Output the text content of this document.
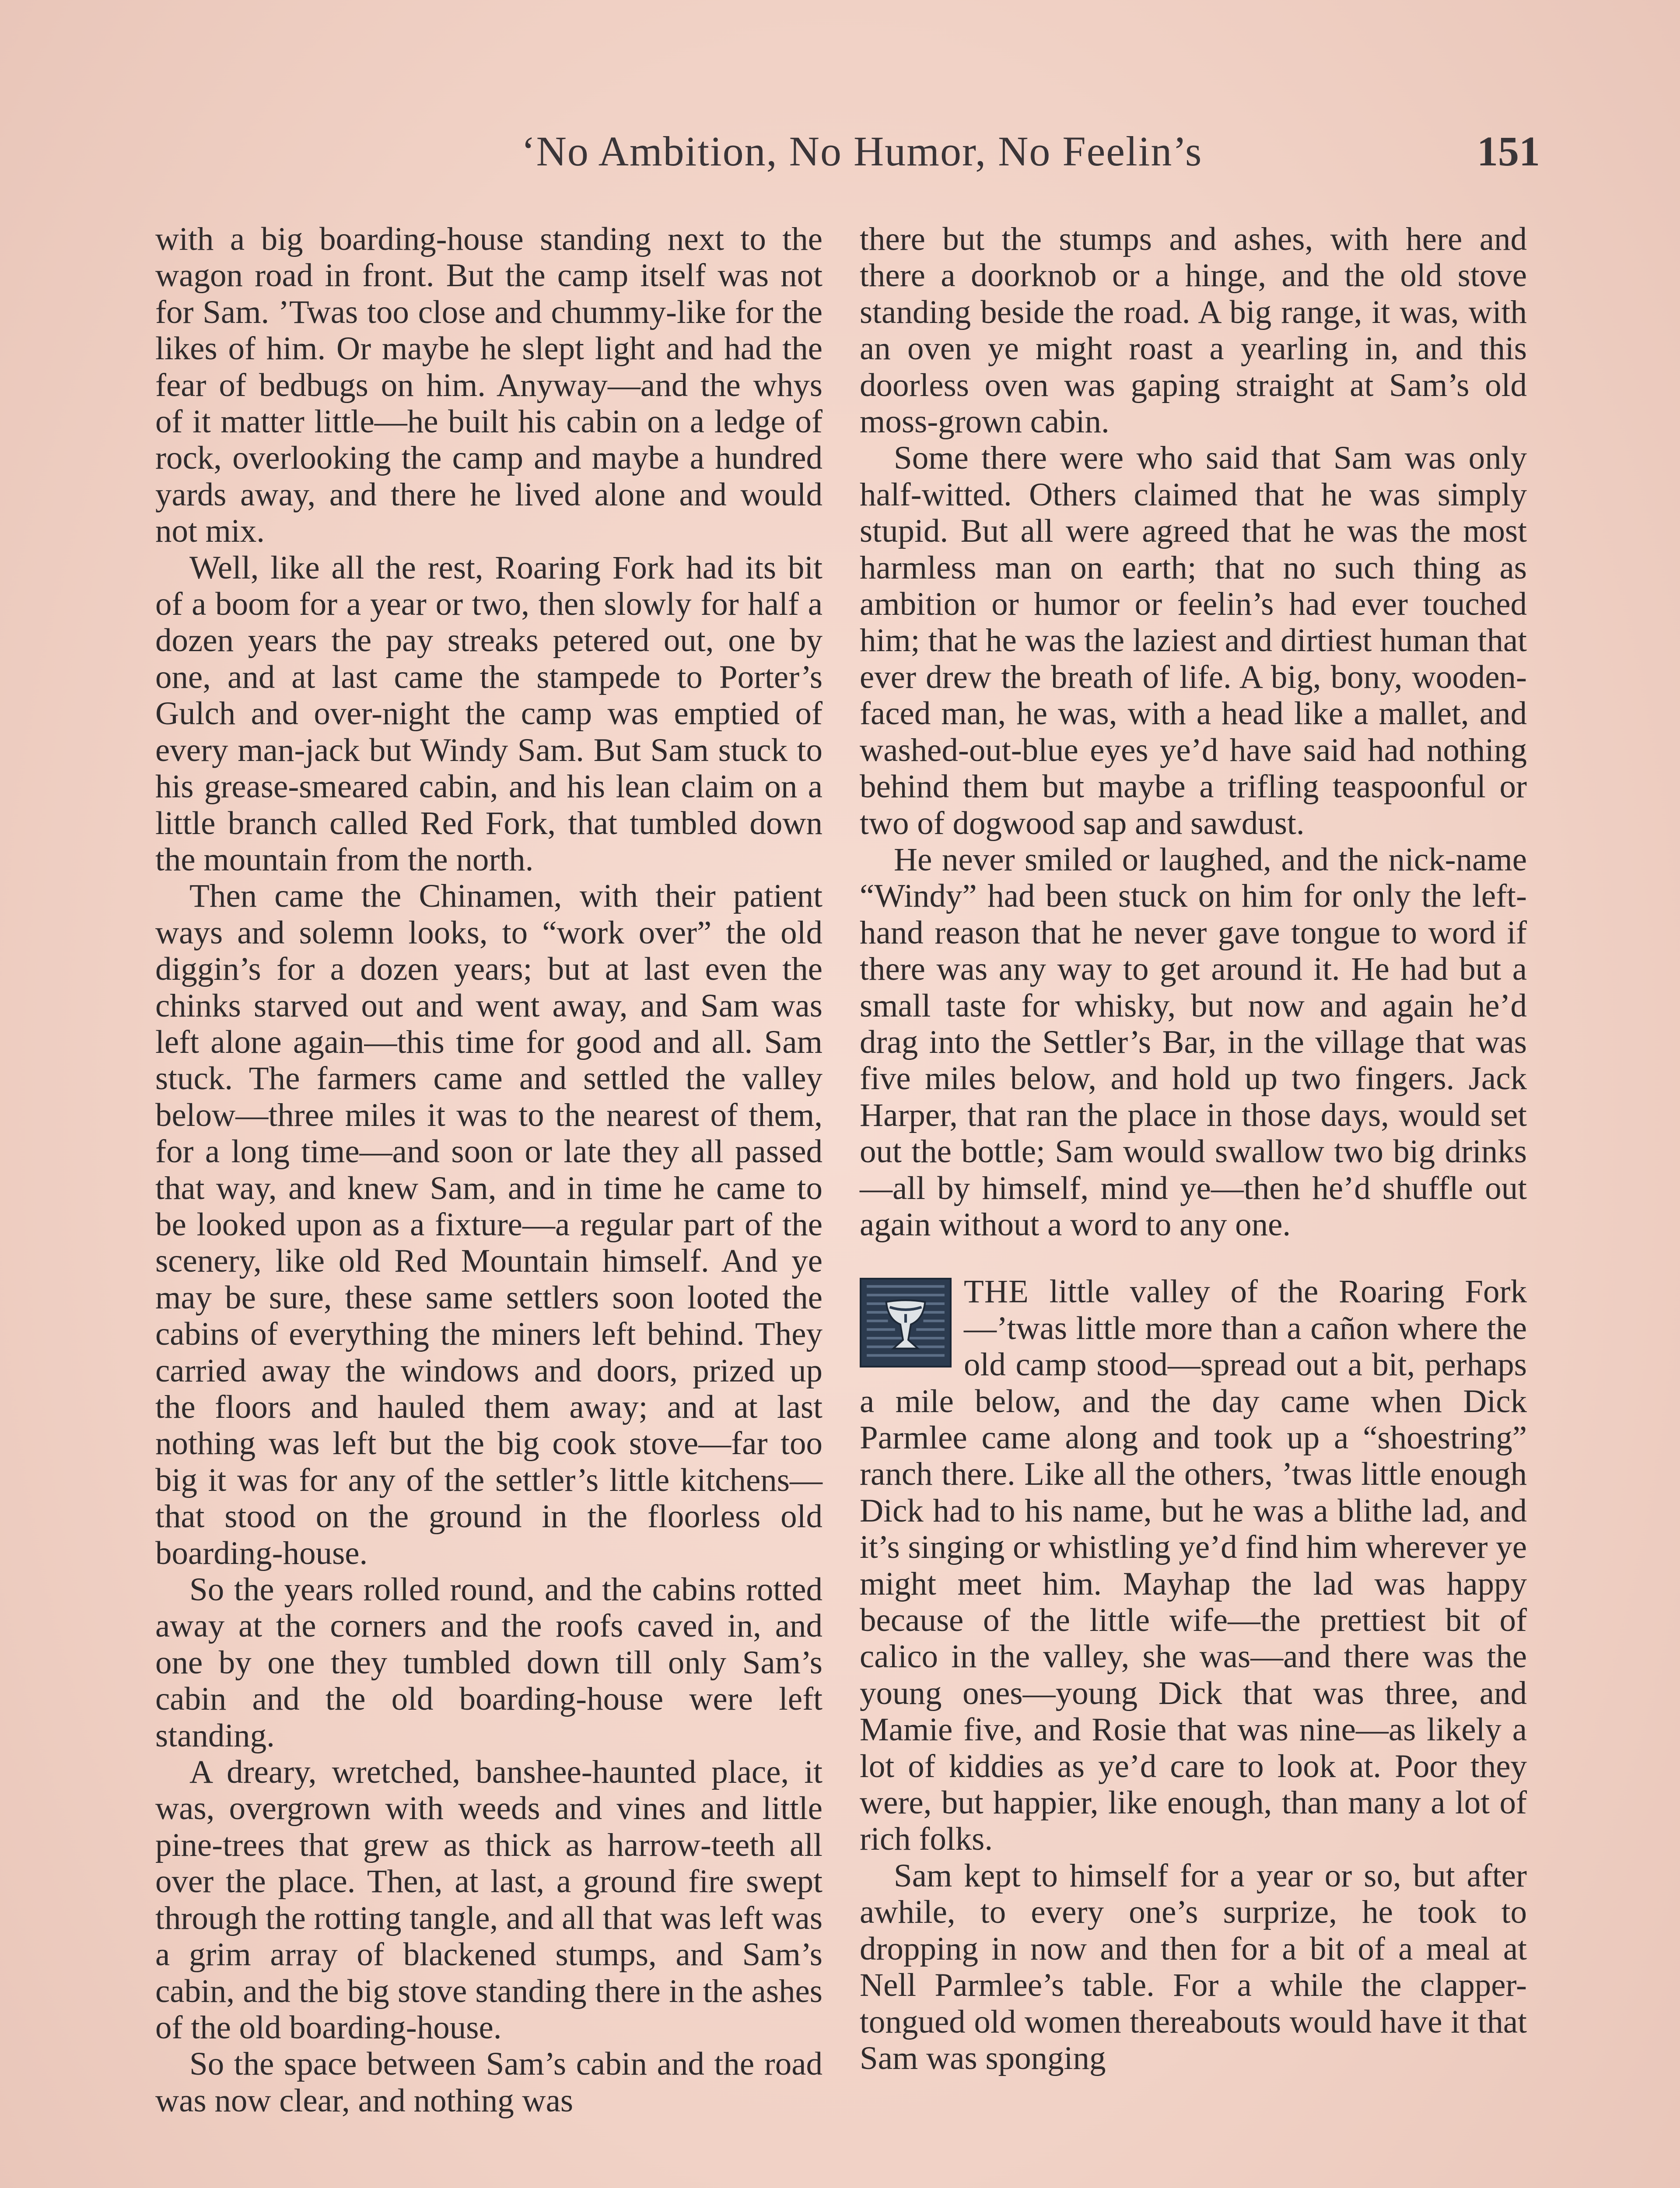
‘No Ambition, No Humor, No Feelin’s	151

with a big boarding-house standing next to the wagon road in front. But the camp itself was not for Sam. ’Twas too close and chummy-like for the likes of him. Or maybe he slept light and had the fear of bedbugs on him. Anyway—and the whys of it matter little—he built his cabin on a ledge of rock, overlooking the camp and maybe a hundred yards away, and there he lived alone and would not mix.

Well, like all the rest, Roaring Fork had its bit of a boom for a year or two, then slowly for half a dozen years the pay streaks petered out, one by one, and at last came the stampede to Porter’s Gulch and over-night the camp was emptied of every man-jack but Windy Sam. But Sam stuck to his grease-smeared cabin, and his lean claim on a little branch called Red Fork, that tumbled down the mountain from the north.

Then came the Chinamen, with their patient ways and solemn looks, to “work over” the old diggin’s for a dozen years; but at last even the chinks starved out and went away, and Sam was left alone again—this time for good and all. Sam stuck. The farmers came and settled the valley below—three miles it was to the nearest of them, for a long time—and soon or late they all passed that way, and knew Sam, and in time he came to be looked upon as a fixture—a regular part of the scenery, like old Red Mountain himself. And ye may be sure, these same settlers soon looted the cabins of everything the miners left behind. They carried away the windows and doors, prized up the floors and hauled them away; and at last nothing was left but the big cook stove—far too big it was for any of the settler’s little kitchens—that stood on the ground in the floorless old boarding-house.

So the years rolled round, and the cabins rotted away at the corners and the roofs caved in, and one by one they tumbled down till only Sam’s cabin and the old boarding-house were left standing.

A dreary, wretched, banshee-haunted place, it was, overgrown with weeds and vines and little pine-trees that grew as thick as harrow-teeth all over the place. Then, at last, a ground fire swept through the rotting tangle, and all that was left was a grim array of blackened stumps, and Sam’s cabin, and the big stove standing there in the ashes of the old boarding-house.

So the space between Sam’s cabin and the road was now clear, and nothing was

there but the stumps and ashes, with here and there a doorknob or a hinge, and the old stove standing beside the road. A big range, it was, with an oven ye might roast a yearling in, and this doorless oven was gaping straight at Sam’s old moss-grown cabin.

Some there were who said that Sam was only half-witted. Others claimed that he was simply stupid. But all were agreed that he was the most harmless man on earth; that no such thing as ambition or humor or feelin’s had ever touched him; that he was the laziest and dirtiest human that ever drew the breath of life. A big, bony, wooden-faced man, he was, with a head like a mallet, and washed-out-blue eyes ye’d have said had nothing behind them but maybe a trifling teaspoonful or two of dogwood sap and sawdust.

He never smiled or laughed, and the nick-name “Windy” had been stuck on him for only the left-hand reason that he never gave tongue to word if there was any way to get around it. He had but a small taste for whisky, but now and again he’d drag into the Settler’s Bar, in the village that was five miles below, and hold up two fingers. Jack Harper, that ran the place in those days, would set out the bottle; Sam would swallow two big drinks—all by himself, mind ye—then he’d shuffle out again without a word to any one.

THE little valley of the Roaring Fork—’twas little more than a cañon where the old camp stood—spread out a bit, perhaps a mile below, and the day came when Dick Parmlee came along and took up a “shoestring” ranch there. Like all the others, ’twas little enough Dick had to his name, but he was a blithe lad, and it’s singing or whistling ye’d find him wherever ye might meet him. Mayhap the lad was happy because of the little wife—the prettiest bit of calico in the valley, she was—and there was the young ones—young Dick that was three, and Mamie five, and Rosie that was nine—as likely a lot of kiddies as ye’d care to look at. Poor they were, but happier, like enough, than many a lot of rich folks.

Sam kept to himself for a year or so, but after awhile, to every one’s surprize, he took to dropping in now and then for a bit of a meal at Nell Parmlee’s table. For a while the clapper-tongued old women thereabouts would have it that Sam was sponging
